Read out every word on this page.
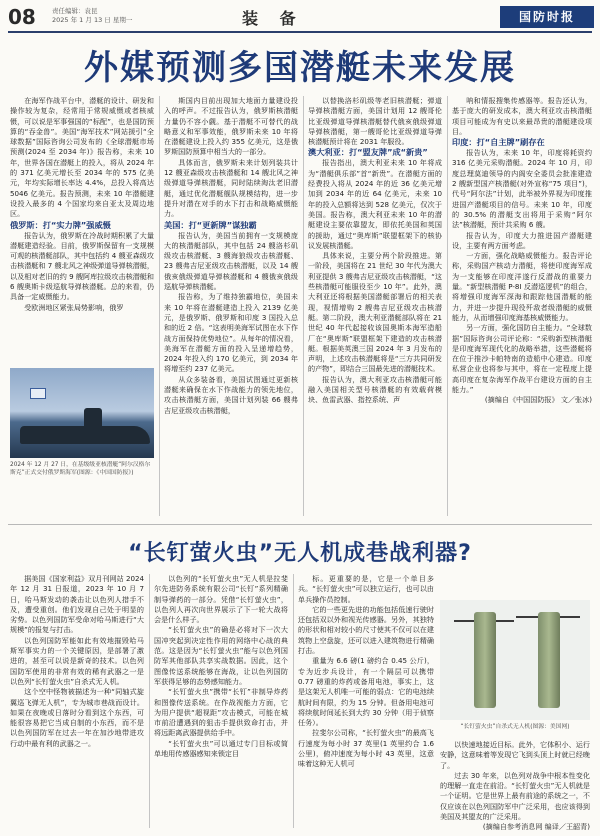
08 责任编辑：袁昆
2025 年 1 月 13 日 星期一	装 备	国防时报
外媒预测多国潜艇未来发展

在海军作战平台中，潜艇的设计、研发和操作较为复杂，经常用于常规威慑或者核威慑，可以说是军事强国的“标配”，也是国防预算的“吞金兽”。美国“海军技术”网站援引“全球数据”国际咨询公司发布的《全球潜艇市场预测(2024 至 2034 年)》报告称，未来 10 年，世界各国在潜艇上的投入，将从 2024 年的 371 亿美元增长至 2034 年的 575 亿美元，年均实际增长率达 4.4%，总投入将高达 5046 亿美元。报告预测，未来 10 年潜艇建设投入最多的 4 个国家均来自亚太及周边地区。

俄罗斯：打“实力牌”强威慑

报告认为，俄罗斯在冷战时期积累了大量潜艇建造经验。目前，俄罗斯保留有一支规模可观的核潜艇部队，其中包括约 4 艘亚森级攻击核潜艇和 7 艘北风之神级弹道导弹核潜艇，以及相对老旧的约 9 艘阿库拉级攻击核潜艇和 6 艘奥斯卡级巡航导弹核潜艇。总的来看，仍具备一定威慑能力。

受欧洲地区紧张局势影响，俄罗

2024 年 12 月 27 日，在基级级亚核潜艇“阿尔汉格尔斯克”正式交付俄罗斯海军(图源：《中国国防报》)

斯国内目前出现加大地面力量建设投入的呼声。不过报告认为，俄罗斯核潜艇力量仍不容小觑。基于潜艇不可替代的战略意义和军事效能，俄罗斯未来 10 年将在潜艇建设上投入约 355 亿美元，这是俄罗斯国防预算中相当大的一部分。

具体而言，俄罗斯未来计划列装共计 12 艘亚森级攻击核潜艇和 14 艘北风之神级弹道导弹核潜艇，同时陆续淘汰老旧潜艇，通过优化潜艇舰队规模结构，进一步提升对潜在对手的水下打击和战略威慑能力。

美国：打“更新牌”谋独霸

报告认为，美国当前拥有一支规模庞大的核潜艇部队，其中包括 24 艘洛杉矶级攻击核潜艇、3 艘海狼级攻击核潜艇、23 艘弗吉尼亚级攻击核潜艇，以及 14 艘俄亥俄级弹道导弹核潜艇和 4 艘俄亥俄级巡航导弹核潜艇。

报告称，为了维持独霸地位，美国未来 10 年将在潜艇建造上投入 2139 亿美元，是俄罗斯、俄罗斯和印度 3 国投入总和的近 2 倍。“这表明美海军试图在水下作战方面保持优势地位”。从每年的情况看，美海军在潜艇方面的投入呈递增趋势，2024 年投入约 170 亿美元，到 2034 年将增至约 237 亿美元。

从众多装备看，美国试图通过更新核潜艇来确保在水下作战能力的领先地位，攻击核潜艇方面，美国计划列装 66 艘弗吉尼亚级攻击核潜艇，

以替换洛杉矶级等老旧核潜艇；弹道导弹核潜艇方面，美国计划用 12 艘哥伦比亚级弹道导弹核潜艇替代俄亥俄级弹道导弹核潜艇，第一艘哥伦比亚级弹道导弹核潜艇预计将在 2031 年服役。

澳大利亚：打“盟友牌”成“新贵”

报告指出，澳大利亚未来 10 年将成为“潜艇俱乐部”首“新贵”。在潜艇方面的经费投入将从 2024 年的近 36 亿美元增加到 2034 年的近 64 亿美元，未来 10 年的投入总额将达到 528 亿美元，仅次于美国。报告称，澳大利亚未来 10 年的潜艇建设主要依靠盟友，即依托美国和英国的援助，通过“奥库斯”联盟框架下的核协议发展核潜艇。

具体来说，主要分两个阶段推进。第一阶段，美国将在 21 世纪 30 年代为澳大利亚提供 3 艘弗吉尼亚级攻击核潜艇，“这些核潜艇可能服役至少 10 年”。此外，澳大利亚还将根据美国潜艇部署后的相关表现，视情增购 2 艘弗吉尼亚级攻击核潜艇。第二阶段，澳大利亚潜艇部队将在 21 世纪 40 年代起接收该国奥斯本海军造船厂在“奥库斯”联盟框架下建造的攻击核潜艇。根据美英澳三国 2024 年 3 月发布的声明，上述攻击核潜艇将是“三方共同研发的产物”，即结合三国最先进的潜艇技术。

报告认为，澳大利亚攻击核潜艇可能融入美国相关型号核潜艇的有效载荷模块、鱼雷武器、指控系统、声

呐和情报搜集传感器等。报告还认为，基于庞大的研发成本，澳大利亚攻击核潜艇项目可能成为有史以来最昂贵的潜艇建设项目。

印度：打“自主牌”刷存在

报告认为，未来 10 年，印度将耗资约 316 亿美元采购潜艇。2024 年 10 月，印度总理莫迪领导的内阁安全委员会批准建造 2 艘新型国产核潜艇(对外宣称“75 项目”)，代号“阿尔法”计划，此举被外界视为印度推进国产潜艇项目的信号。未来 10 年，印度的 30.5% 的潜艇支出将用于采购“阿尔法”核潜艇，预计共采购 6 艘。

报告认为，印度大力推进国产潜艇建设，主要有两方面考虑。

一方面，强化战略威慑能力。报告评论称，采购国产核动力潜艇，将使印度海军成为一支能够在印度洋遂行反潜战的重要力量。“新型核潜艇 P-8I 反潜巡逻机”的组合，将增强印度海军深海和跟踪他国潜艇的能力，并进一步提升现役歼敌者级潜艇的威慑能力，从而增强印度海基核威慑能力。

另一方面，强化国防自主能力。“全球数据”国际咨询公司评论称：“采购新型核潜艇是印度海军现代化的战略举措，这些潜艇将在位于推沙卡帕特南的造船中心建造。印度私营企业也将参与其中，将在一定程度上提高印度在复杂海军作战平台建设方面的自主能力。”

(摘编自《中国国防报》 文／张冰)

“长钉萤火虫”无人机成巷战利器?

据美国《国家利益》双月刊网站 2024 年 12 月 31 日报道，2023 年 10 月 7 日，哈马斯发动的袭击让以色列人措手不及，遭受重创。他们发现自己处于明显的劣势。以色列国防军受命对哈马斯进行“大规模”的报复与打击。

以色列国防军能如此有效地摧毁哈马斯军事实力的一个关键原因，是部署了激进的，甚至可以说是新奇的技术。以色列国防军使用的非常有效的稀有武器之一是以色列“长钉萤火虫”自杀式无人机。

这个空中怪物被描述为一种“同轴式旋翼巡飞弹无人机”，专为城市巷战而设计。如果在夜晚或日落时分看到这个东西，可能很容易把它当成自制的小东西，而不是以色列国防军在过去一年在加沙地带进攻行动中最有利的武器之一。

以色列的“长钉萤火虫”无人机是拉斐尔先进防务系统有限公司“长钉”系列精确制导弹药的一部分。凭借“长钉萤火虫”，以色列人再次向世界展示了下一轮大战将会是什么样子。

“长钉萤火虫”的确是必将对下一次大国冲突起到决定性作用的网络中心战的典范。这是因为“长钉萤火虫”能与以色列国防军其他部队共享实战数据。因此，这个图像传送系统能够在海战，让以色列国防军获得足够的态势感知能力。

“长钉萤火虫”携带“长钉”非制导炸药和图像传送系统。在作战视能力方面，它为用户提供“超视距”攻击模式，可能在城市前沿遭遇到的狙击手提供致命打击，并将远距离武器提供给手中。

“长钉萤火虫”可以通过专门目标或简单地用传感器感知来锁定目

标。更重要的是，它是一个单目多兵。“长钉萤火虫”可以独立运行，也可以由单兵操作员控制。

它的一些更先进的功能包括低速行驶时还包括双以外和视光传感器。另外，其独特的形状和相对较小的尺寸使其不仅可以在建筑物上空盘旋，还可以进入建筑物进行精确打击。

重量为 6.6 磅(1 磅约合 0.45 公斤)，专为近步兵设计，有一个隔层可以携带 0.77 磅重的炸药或备用电池，事实上，这是这架无人机唯一可能的弱点：它的电池续航时间有限，约为 15 分钟。但备用电池可将续航时间延长到大约 30 分钟（用于侦察任务）。

拉斐尔公司称，“长钉萤火虫”的最高飞行速度为每小时 37 英里(1 英里约合 1.6 公里)，俯冲速度为每小时 43 英里，这意味着这种无人机可

“长钉萤火虫”自杀式无人机(图源：美国网)

以快速地接近目标。此外，它体积小、运行安静，这意味着等发现它飞到头顶上时就已经晚了。

过去 30 年来，以色列对战争中根本性变化的理解一直走在前沿。“长钉萤火虫”无人机就是一个证明。它是世界上最有前途的系统之一，不仅应该在以色列国防军中广泛采用，也应该得到美国及其盟友的广泛采用。

(摘编自参考消息网 编译／王韶青)
